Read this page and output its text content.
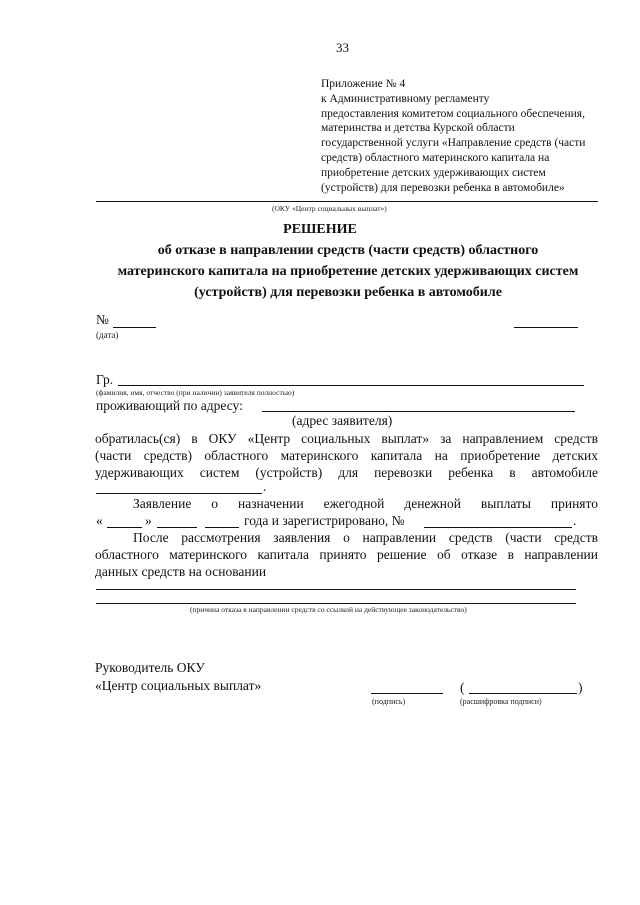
33
Приложение № 4
к Административному регламенту
предоставления комитетом социального обеспечения,
материнства и детства Курской области
государственной услуги «Направление средств (части
средств) областного материнского капитала на
приобретение детских удерживающих систем
(устройств) для перевозки ребенка в автомобиле»
(ОКУ «Центр социальных выплат»)
РЕШЕНИЕ
об отказе в направлении средств (части средств) областного
материнского капитала на приобретение детских удерживающих систем
(устройств) для перевозки ребенка в автомобиле
№
(дата)
Гр.
(фамилия, имя, отчество (при наличии) заявителя полностью)
проживающий по адресу:
(адрес заявителя)
обратилась(ся) в ОКУ «Центр социальных выплат» за направлением средств
(части средств) областного материнского капитала на приобретение детских
удерживающих систем (устройств) для перевозки ребенка в автомобиле
.
Заявление о назначении ежегодной денежной выплаты принято
«	»	года и зарегистрировано, №	.
После рассмотрения заявления о направлении средств (части средств
областного материнского капитала принято решение об отказе в направлении
данных средств на основании
(причина отказа в направлении средств со ссылкой на действующее законодательство)
Руководитель ОКУ
«Центр социальных выплат»
(подпись)
(	)
(расшифровка подписи)
